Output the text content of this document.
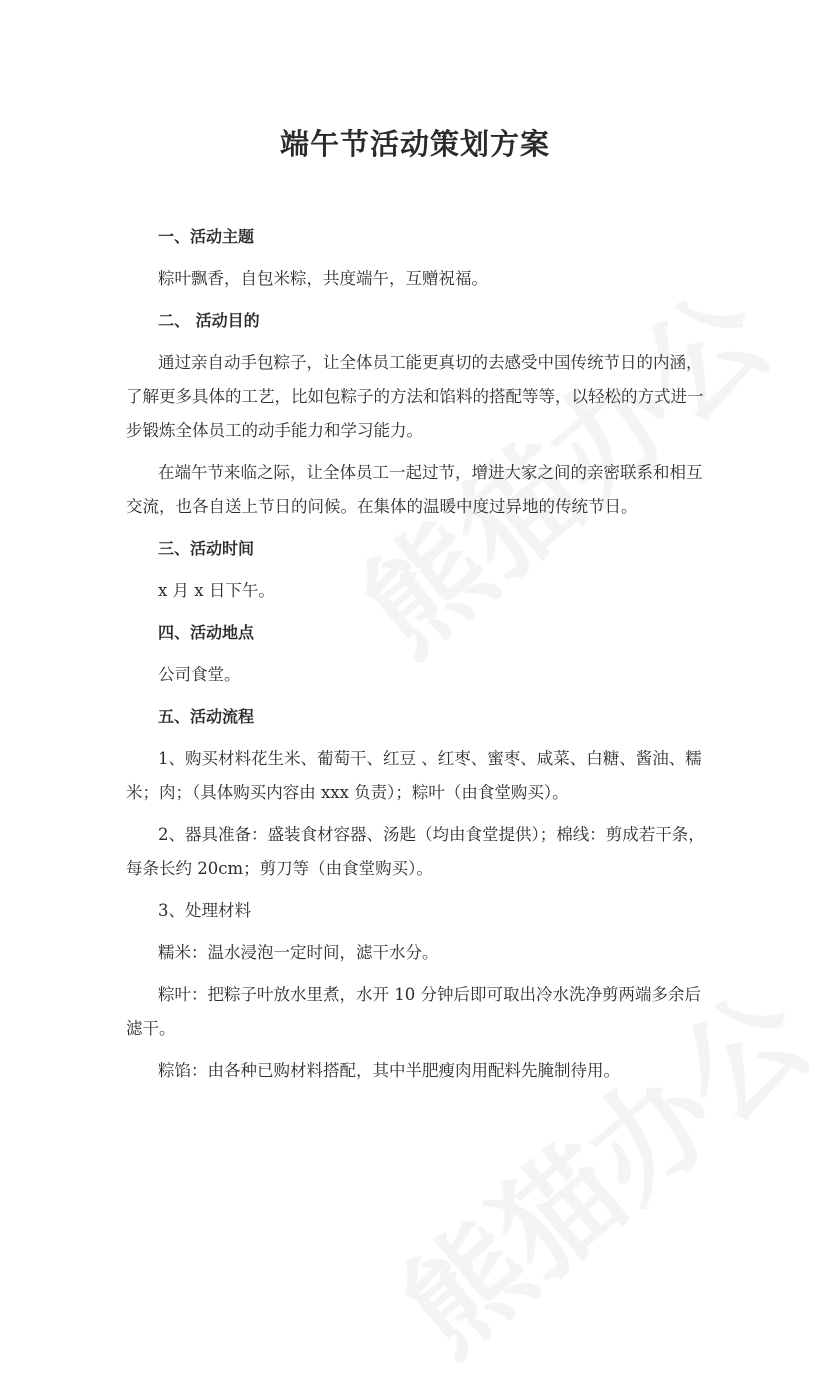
端午节活动策划方案
一、活动主题
粽叶飘香，自包米粽，共度端午，互赠祝福。
二、 活动目的
通过亲自动手包粽子，让全体员工能更真切的去感受中国传统节日的内涵，
了解更多具体的工艺，比如包粽子的方法和馅料的搭配等等，以轻松的方式进一
步锻炼全体员工的动手能力和学习能力。
在端午节来临之际，让全体员工一起过节，增进大家之间的亲密联系和相互
交流，也各自送上节日的问候。在集体的温暖中度过异地的传统节日。
三、活动时间
x 月 x 日下午。
四、活动地点
公司食堂。
五、活动流程
1、购买材料花生米、葡萄干、红豆 、红枣、蜜枣、咸菜、白糖、酱油、糯
米；肉；（具体购买内容由 xxx 负责）；粽叶（由食堂购买）。
2、器具准备：盛装食材容器、汤匙（均由食堂提供）；棉线：剪成若干条，
每条长约 20cm；剪刀等（由食堂购买）。
3、处理材料
糯米：温水浸泡一定时间，滤干水分。
粽叶：把粽子叶放水里煮，水开 10 分钟后即可取出冷水洗净剪两端多余后
滤干。
粽馅：由各种已购材料搭配，其中半肥瘦肉用配料先腌制待用。
